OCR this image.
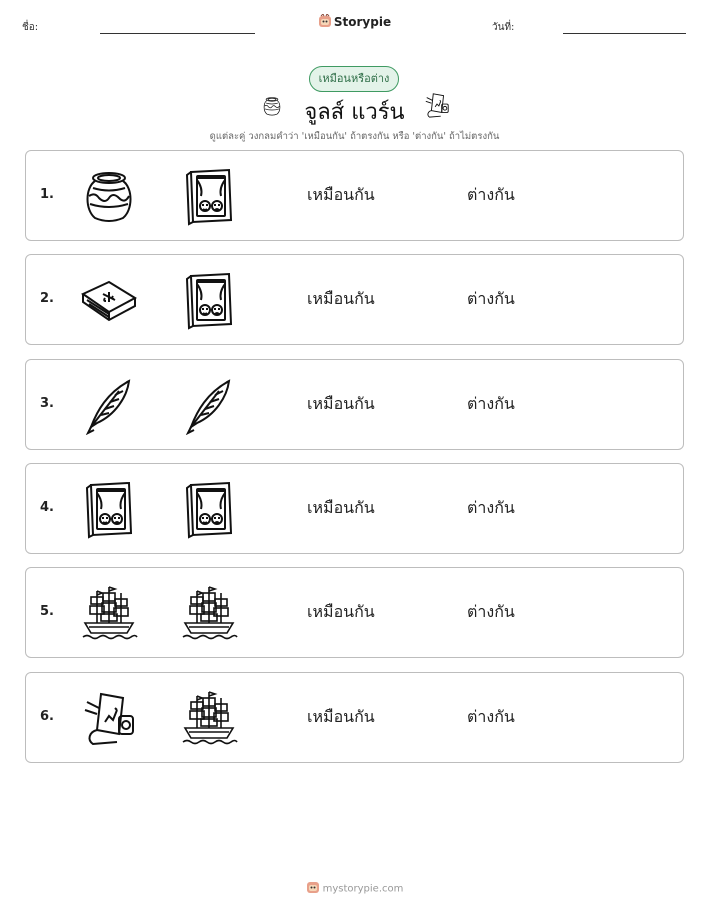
ชื่อ:	Storypie	วันที่:
เหมือนหรือต่าง
จูลส์ แวร์น
ดูแต่ละคู่ วงกลมคำว่า 'เหมือนกัน' ถ้าตรงกัน หรือ 'ต่างกัน' ถ้าไม่ตรงกัน
1.	เหมือนกัน	ต่างกัน
2.	เหมือนกัน	ต่างกัน
3.	เหมือนกัน	ต่างกัน
4.	เหมือนกัน	ต่างกัน
5.	เหมือนกัน	ต่างกัน
6.	เหมือนกัน	ต่างกัน
mystorypie.com
